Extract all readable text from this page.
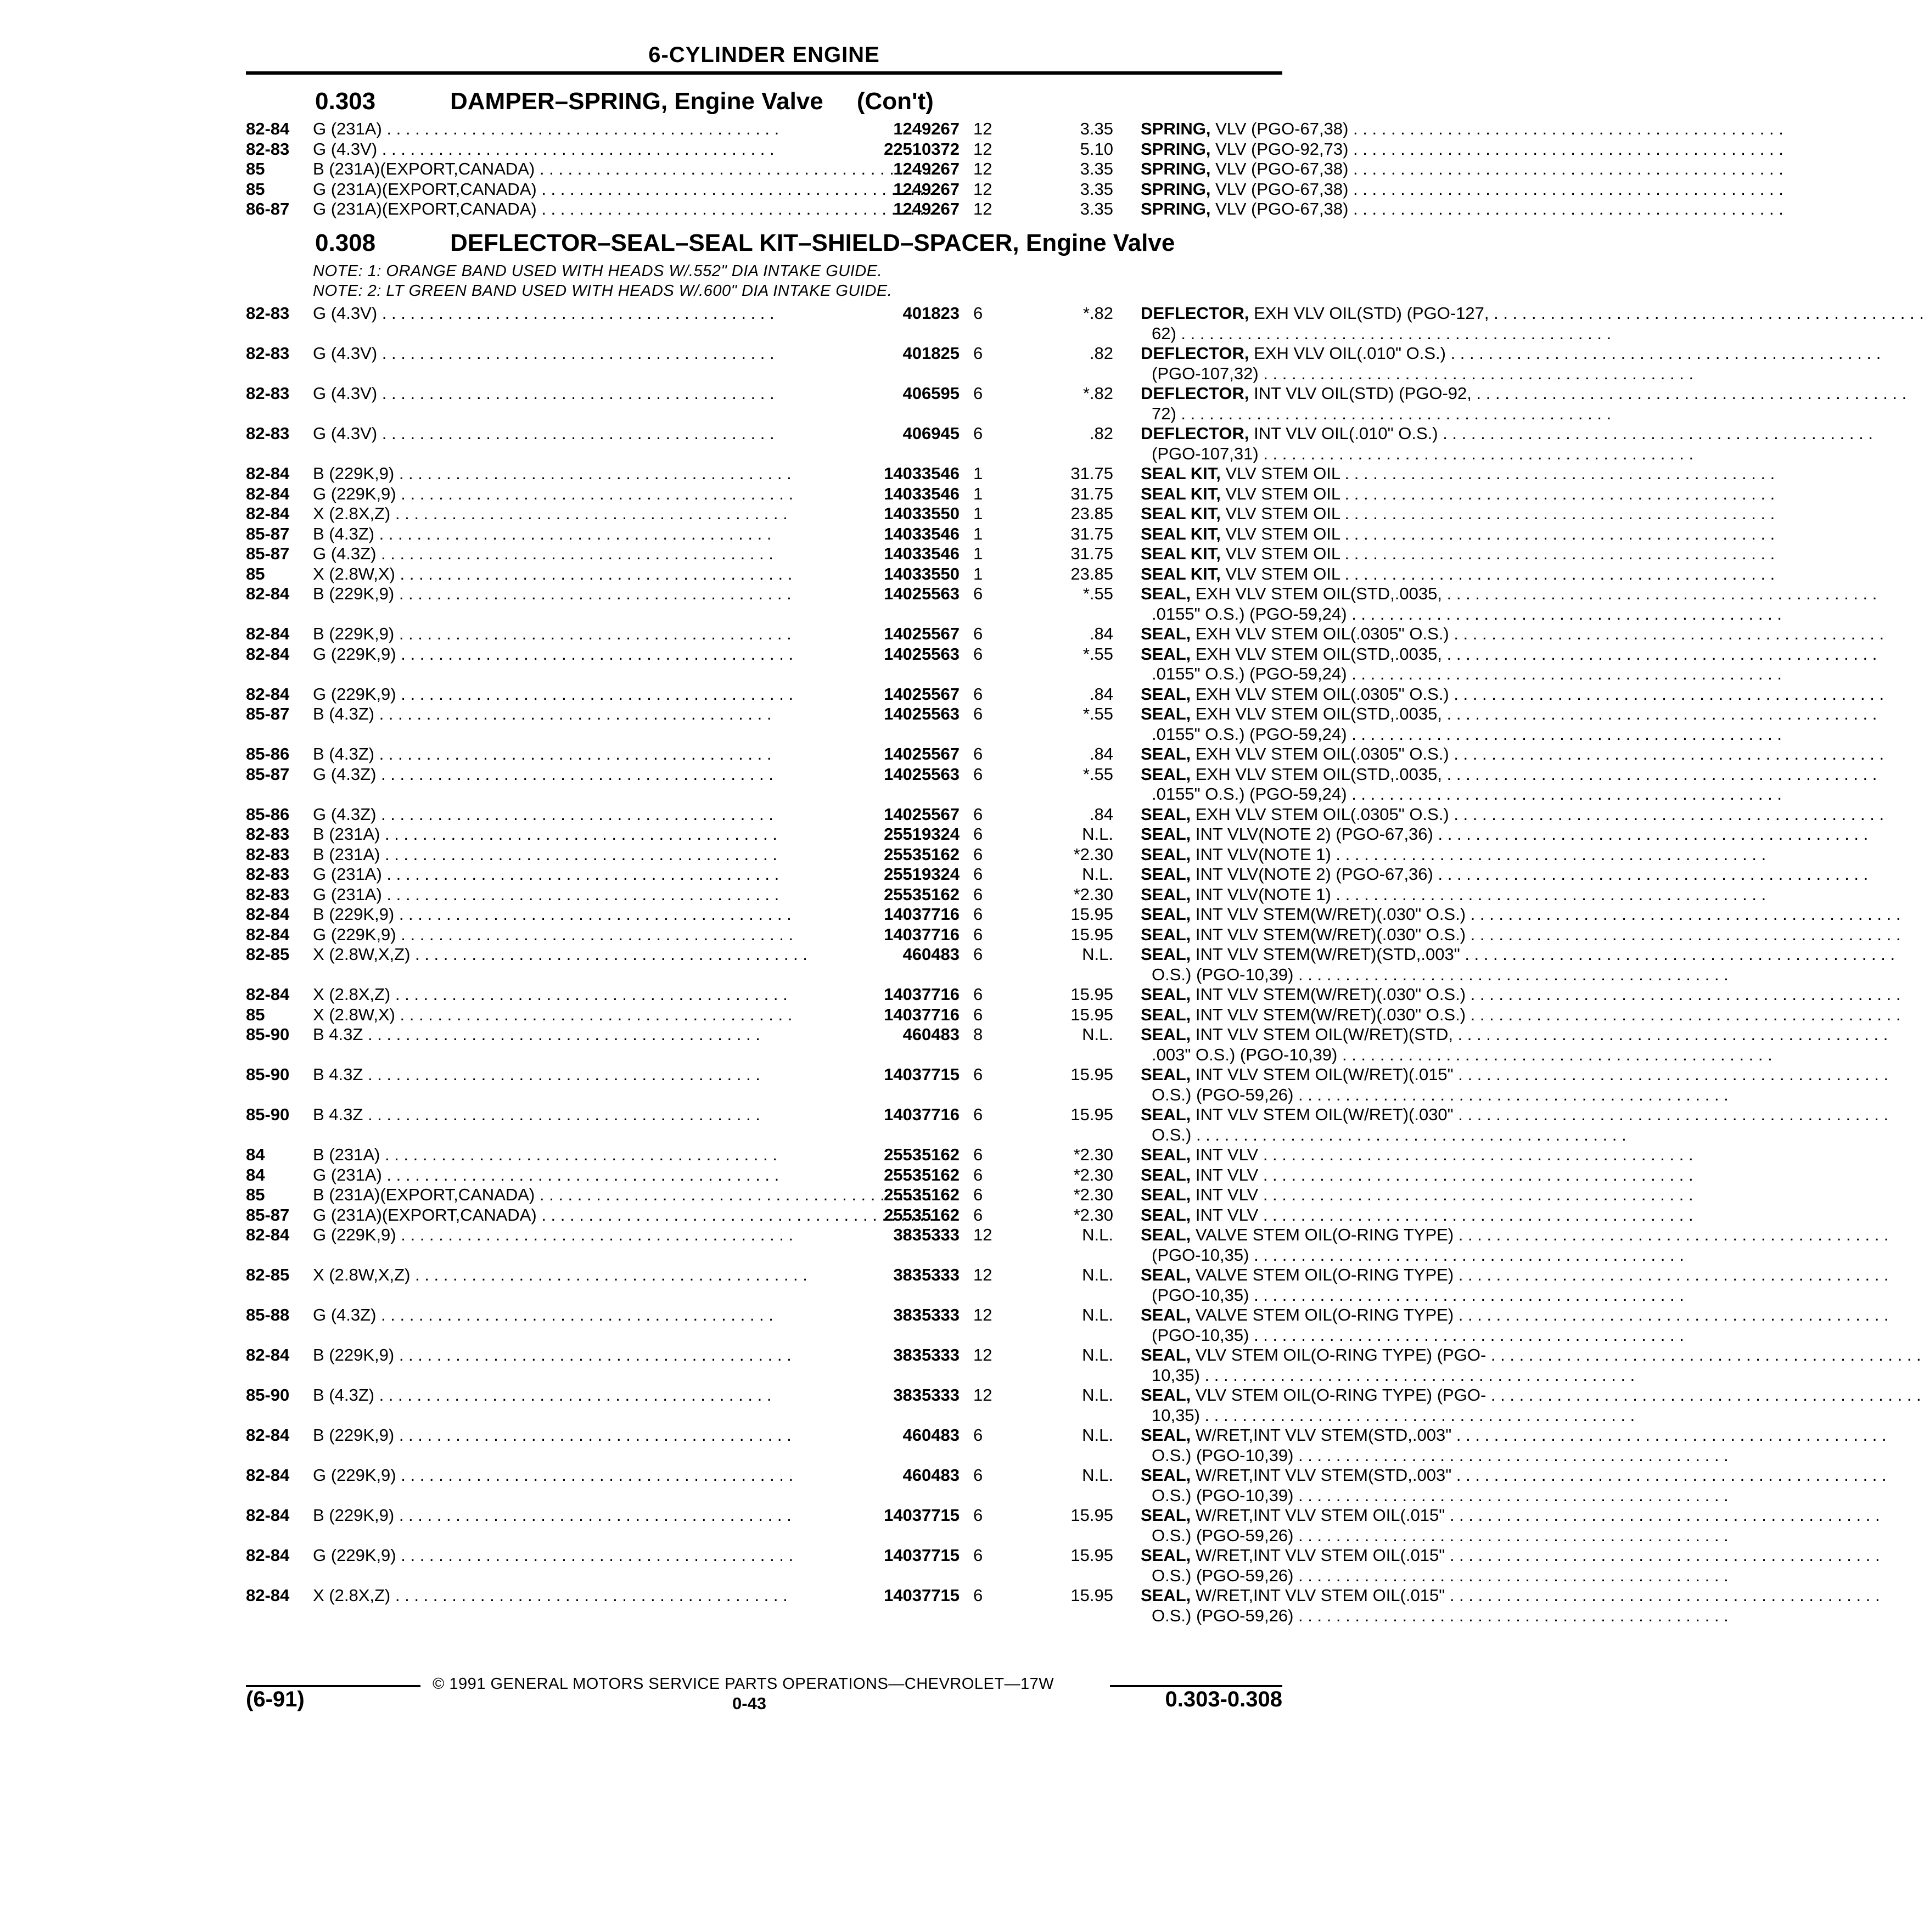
6-CYLINDER ENGINE
0.303	DAMPER–SPRING, Engine Valve     (Con't)
82-84 G (231A) . . .	1249267 12	3.35 SPRING, VLV (PGO-67,38) . . .
82-83 G (4.3V) . . .	22510372 12	5.10 SPRING, VLV (PGO-92,73) . . .
85	B (231A)(EXPORT,CANADA) . . .	1249267 12	3.35 SPRING, VLV (PGO-67,38) . . .
85	G (231A)(EXPORT,CANADA) . . .	1249267 12	3.35 SPRING, VLV (PGO-67,38) . . .
86-87 G (231A)(EXPORT,CANADA) . . .	1249267 12	3.35 SPRING, VLV (PGO-67,38) . . .
0.308	DEFLECTOR–SEAL–SEAL KIT–SHIELD–SPACER, Engine Valve
NOTE: 1: ORANGE BAND USED WITH HEADS W/.552" DIA INTAKE GUIDE.
NOTE: 2: LT GREEN BAND USED WITH HEADS W/.600" DIA INTAKE GUIDE.
82-83 G (4.3V) . . .	401823 6	*.82 DEFLECTOR, EXH VLV OIL(STD) (PGO-127, . . .
62) . . .
82-83 G (4.3V) . . .	401825 6	.82 DEFLECTOR, EXH VLV OIL(.010" O.S.) . . .
(PGO-107,32) . . .
82-83 G (4.3V) . . .	406595 6	*.82 DEFLECTOR, INT VLV OIL(STD) (PGO-92, . . .
72) . . .
82-83 G (4.3V) . . .	406945 6	.82 DEFLECTOR, INT VLV OIL(.010" O.S.) . . .
(PGO-107,31) . . .
82-84 B (229K,9) . . .	14033546 1	31.75 SEAL KIT, VLV STEM OIL . . .
82-84 G (229K,9) . . .	14033546 1	31.75 SEAL KIT, VLV STEM OIL . . .
82-84 X (2.8X,Z) . . .	14033550 1	23.85 SEAL KIT, VLV STEM OIL . . .
85-87 B (4.3Z) . . .	14033546 1	31.75 SEAL KIT, VLV STEM OIL . . .
85-87 G (4.3Z) . . .	14033546 1	31.75 SEAL KIT, VLV STEM OIL . . .
85	X (2.8W,X) . . .	14033550 1	23.85 SEAL KIT, VLV STEM OIL . . .
82-84 B (229K,9) . . .	14025563 6	*.55 SEAL, EXH VLV STEM OIL(STD,.0035, . . .
.0155" O.S.) (PGO-59,24) . . .
82-84 B (229K,9) . . .	14025567 6	.84 SEAL, EXH VLV STEM OIL(.0305" O.S.) . . .
82-84 G (229K,9) . . .	14025563 6	*.55 SEAL, EXH VLV STEM OIL(STD,.0035, . . .
.0155" O.S.) (PGO-59,24) . . .
82-84 G (229K,9) . . .	14025567 6	.84 SEAL, EXH VLV STEM OIL(.0305" O.S.) . . .
85-87 B (4.3Z) . . .	14025563 6	*.55 SEAL, EXH VLV STEM OIL(STD,.0035, . . .
.0155" O.S.) (PGO-59,24) . . .
85-86 B (4.3Z) . . .	14025567 6	.84 SEAL, EXH VLV STEM OIL(.0305" O.S.) . . .
85-87 G (4.3Z) . . .	14025563 6	*.55 SEAL, EXH VLV STEM OIL(STD,.0035, . . .
.0155" O.S.) (PGO-59,24) . . .
85-86 G (4.3Z) . . .	14025567 6	.84 SEAL, EXH VLV STEM OIL(.0305" O.S.) . . .
82-83 B (231A) . . .	25519324 6	N.L. SEAL, INT VLV(NOTE 2) (PGO-67,36) . . .
82-83 B (231A) . . .	25535162 6	*2.30 SEAL, INT VLV(NOTE 1) . . .
82-83 G (231A) . . .	25519324 6	N.L. SEAL, INT VLV(NOTE 2) (PGO-67,36) . . .
82-83 G (231A) . . .	25535162 6	*2.30 SEAL, INT VLV(NOTE 1) . . .
82-84 B (229K,9) . . .	14037716 6	15.95 SEAL, INT VLV STEM(W/RET)(.030" O.S.) . . .
82-84 G (229K,9) . . .	14037716 6	15.95 SEAL, INT VLV STEM(W/RET)(.030" O.S.) . . .
82-85 X (2.8W,X,Z) . . .	460483 6	N.L. SEAL, INT VLV STEM(W/RET)(STD,.003" . . .
O.S.) (PGO-10,39) . . .
82-84 X (2.8X,Z) . . .	14037716 6	15.95 SEAL, INT VLV STEM(W/RET)(.030" O.S.) . . .
85	X (2.8W,X) . . .	14037716 6	15.95 SEAL, INT VLV STEM(W/RET)(.030" O.S.) . . .
85-90 B 4.3Z . . .	460483 8	N.L. SEAL, INT VLV STEM OIL(W/RET)(STD, . . .
.003" O.S.) (PGO-10,39) . . .
85-90 B 4.3Z . . .	14037715 6	15.95 SEAL, INT VLV STEM OIL(W/RET)(.015" . . .
O.S.) (PGO-59,26) . . .
85-90 B 4.3Z . . .	14037716 6	15.95 SEAL, INT VLV STEM OIL(W/RET)(.030" . . .
O.S.) . . .
84	B (231A) . . .	25535162 6	*2.30 SEAL, INT VLV . . .
84	G (231A) . . .	25535162 6	*2.30 SEAL, INT VLV . . .
85	B (231A)(EXPORT,CANADA) . . .	25535162 6	*2.30 SEAL, INT VLV . . .
85-87 G (231A)(EXPORT,CANADA) . . .	25535162 6	*2.30 SEAL, INT VLV . . .
82-84 G (229K,9) . . .	3835333 12	N.L. SEAL, VALVE STEM OIL(O-RING TYPE) . . .
(PGO-10,35) . . .
82-85 X (2.8W,X,Z) . . .	3835333 12	N.L. SEAL, VALVE STEM OIL(O-RING TYPE) . . .
(PGO-10,35) . . .
85-88 G (4.3Z) . . .	3835333 12	N.L. SEAL, VALVE STEM OIL(O-RING TYPE) . . .
(PGO-10,35) . . .
82-84 B (229K,9) . . .	3835333 12	N.L. SEAL, VLV STEM OIL(O-RING TYPE) (PGO- . . .
10,35) . . .
85-90 B (4.3Z) . . .	3835333 12	N.L. SEAL, VLV STEM OIL(O-RING TYPE) (PGO- . . .
10,35) . . .
82-84 B (229K,9) . . .	460483 6	N.L. SEAL, W/RET,INT VLV STEM(STD,.003" . . .
O.S.) (PGO-10,39) . . .
82-84 G (229K,9) . . .	460483 6	N.L. SEAL, W/RET,INT VLV STEM(STD,.003" . . .
O.S.) (PGO-10,39) . . .
82-84 B (229K,9) . . .	14037715 6	15.95 SEAL, W/RET,INT VLV STEM OIL(.015" . . .
O.S.) (PGO-59,26) . . .
82-84 G (229K,9) . . .	14037715 6	15.95 SEAL, W/RET,INT VLV STEM OIL(.015" . . .
O.S.) (PGO-59,26) . . .
82-84 X (2.8X,Z) . . .	14037715 6	15.95 SEAL, W/RET,INT VLV STEM OIL(.015" . . .
O.S.) (PGO-59,26) . . .
© 1991 GENERAL MOTORS SERVICE PARTS OPERATIONS—CHEVROLET—17W
(6-91)	0-43	0.303-0.308
